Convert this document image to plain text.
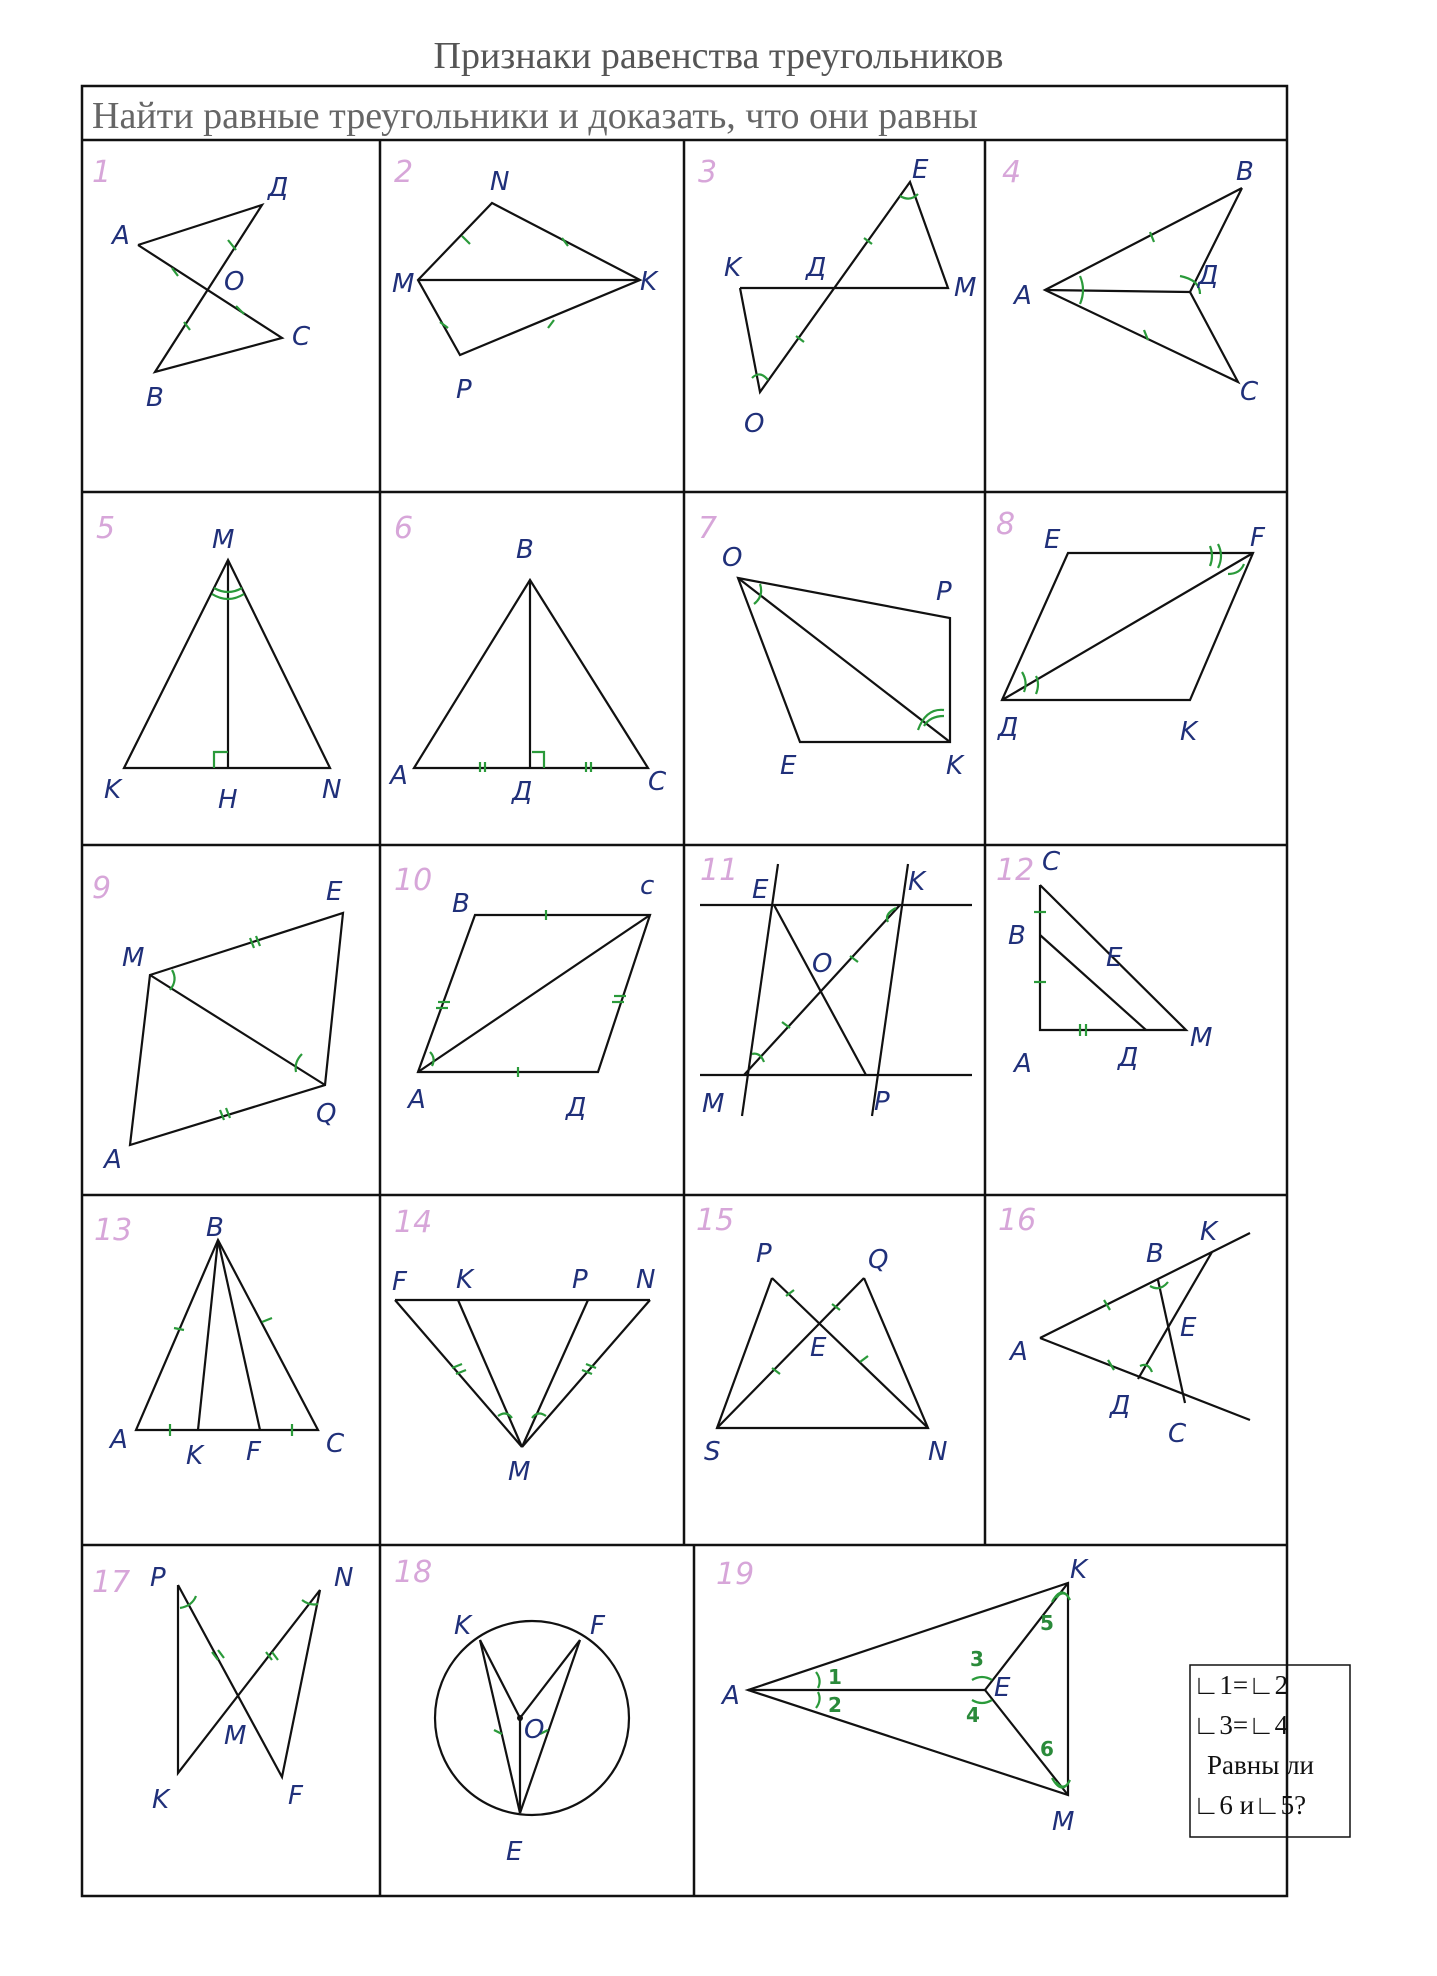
Признаки равенства треугольников
Найти равные треугольники и доказать, что они равны
1	Д
A
O
C
B
2	N
M	K
P
3	E
K Д
M
O
4	B
A
Д
C
5	M
K	H	N
6
B
A
Д	C
7
O
P
E	K
8 E	F
Д	K
9	E
M
Q
A
10
B
c
A	Д
11
E	K
O
M	P
12 C
B
E
A	Д
M
13	B
A
K F	C
14
F K	P N
M
15
P	Q
E
S	N
16
B
K
A
E
Д
C
17 P	N
M
K	F
18
K	F
O
E
19	K
A	E
M
1
2
3
4
5
6
∟1=∟2
∟3=∟4
Равны ли
∟6 и∟5?
